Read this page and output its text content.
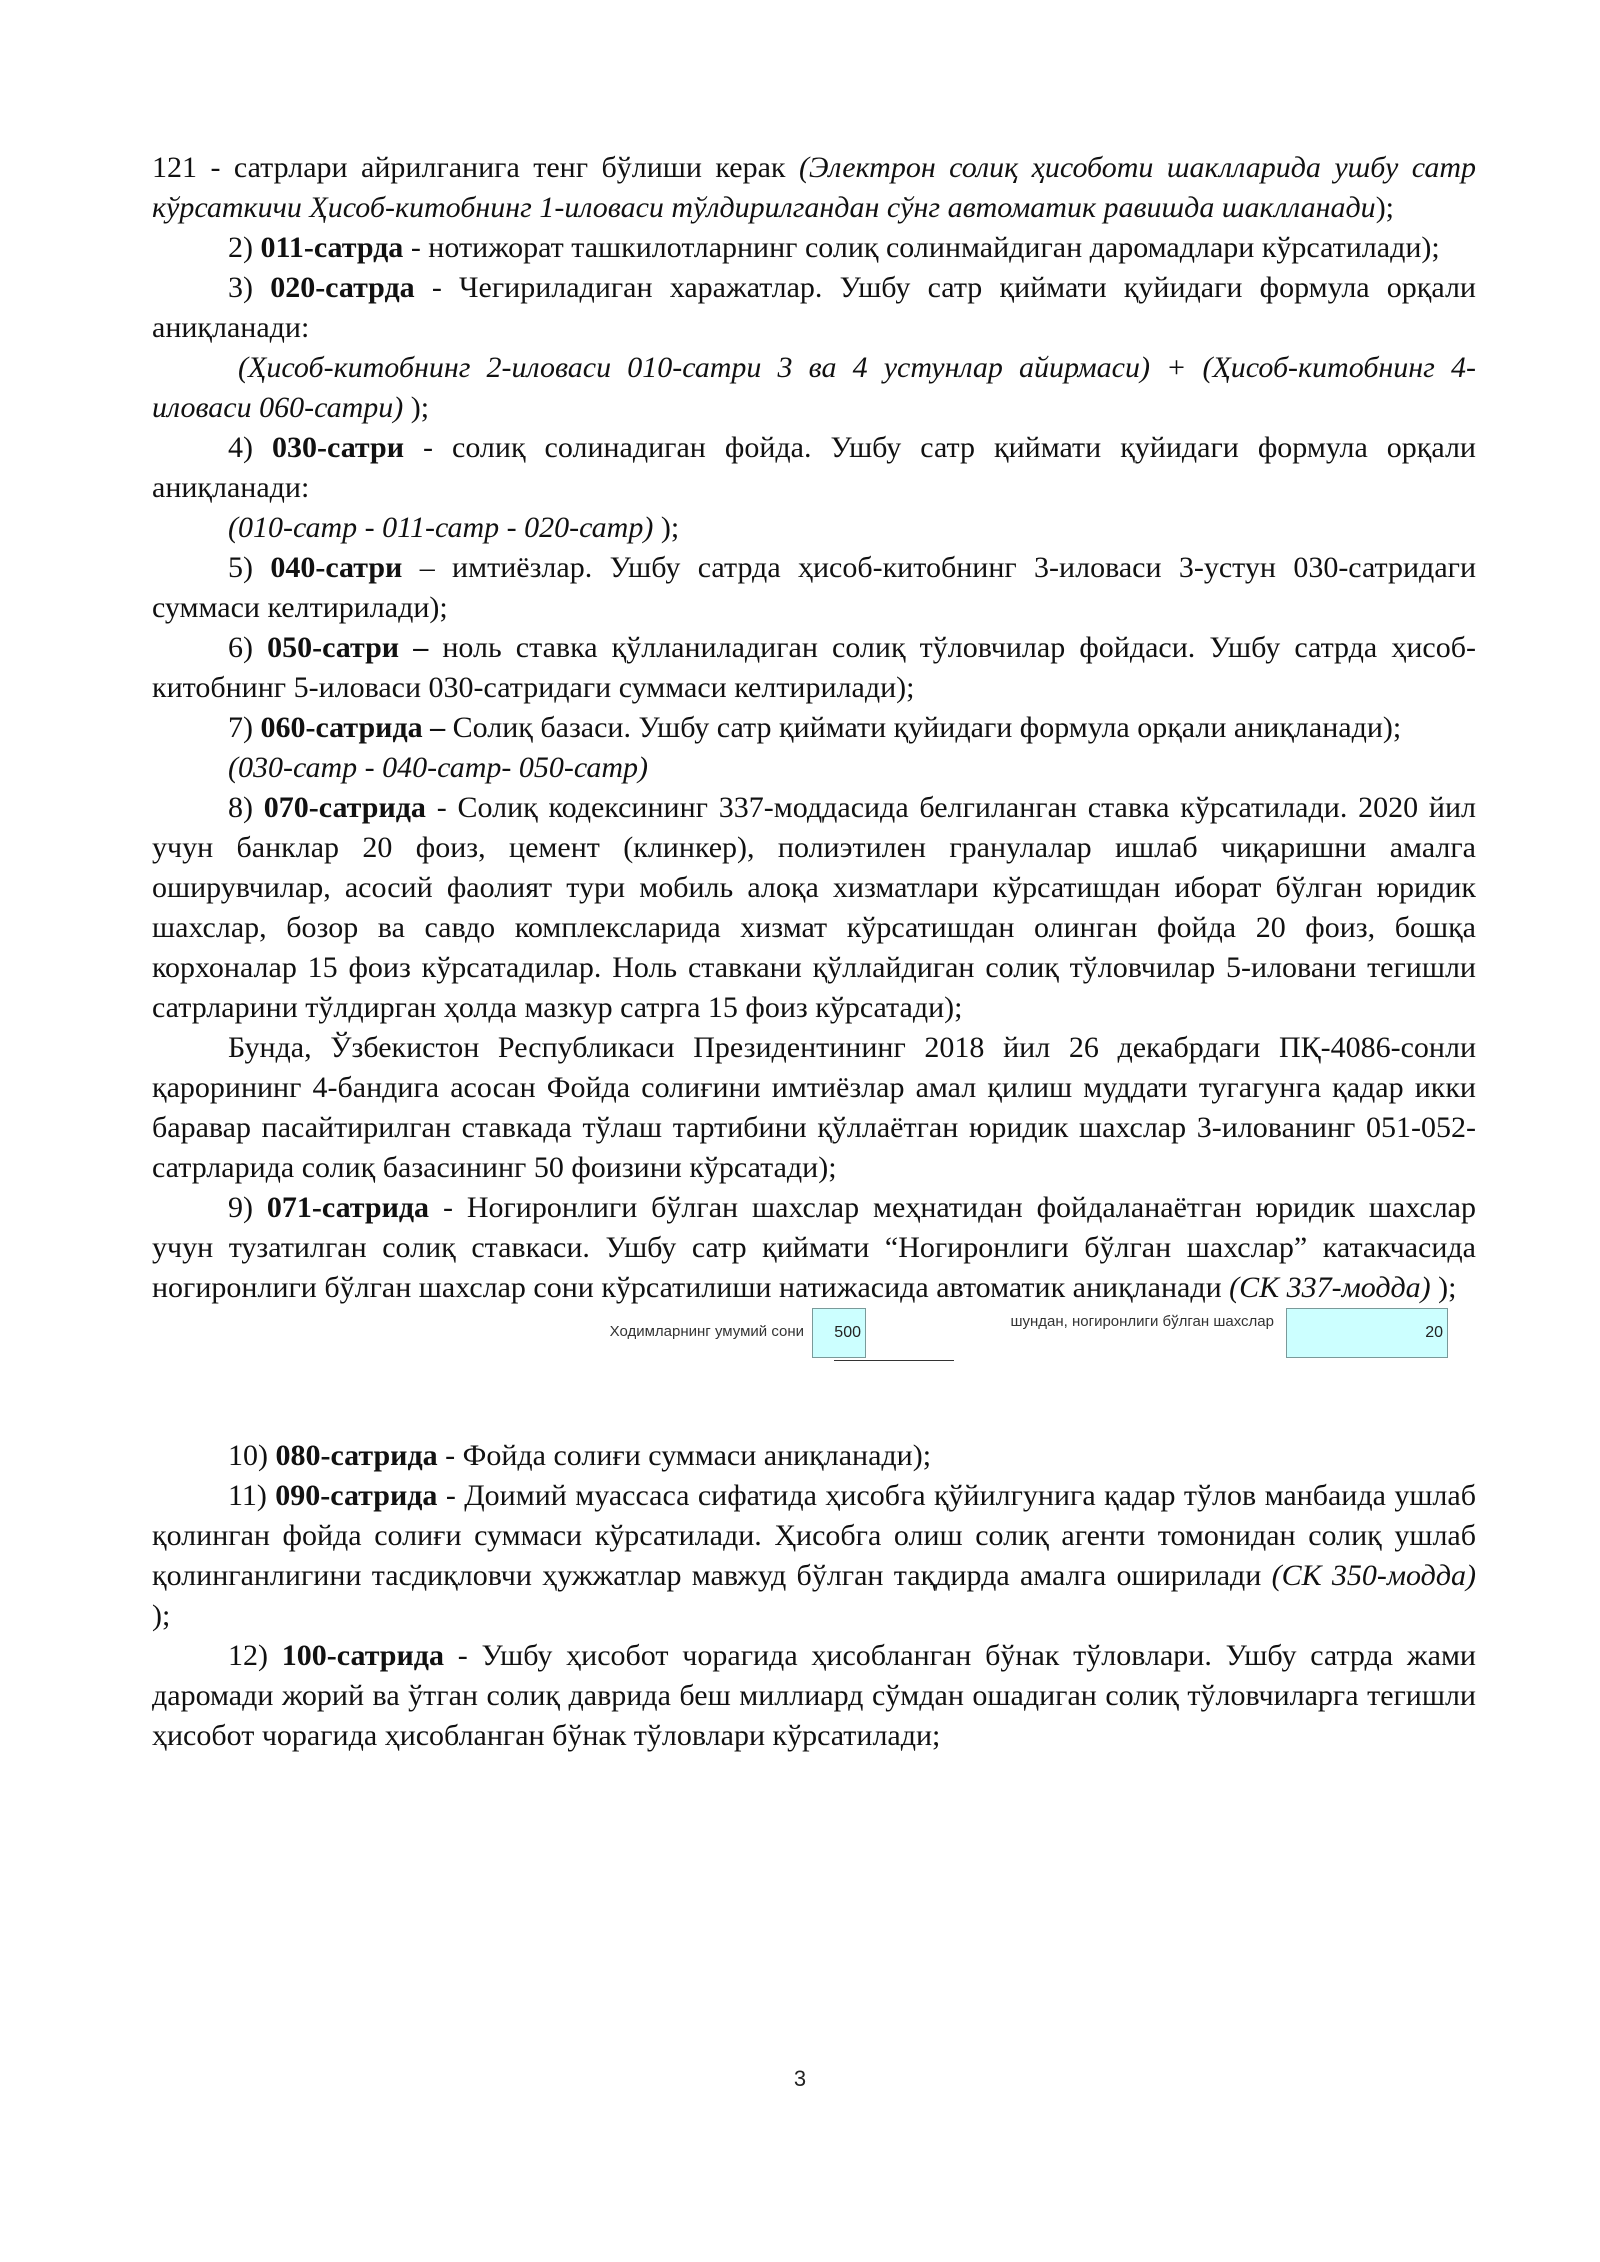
121 - сатрлари айрилганига тенг бўлиши керак (Электрон солиқ ҳисоботи шаклларида ушбу сатр кўрсаткичи Ҳисоб-китобнинг 1-иловаси тўлдирилгандан сўнг автоматик равишда шаклланади);

2) 011-сатрда - нотижорат ташкилотларнинг солиқ солинмайдиган даромадлари кўрсатилади);

3) 020-сатрда - Чегириладиган харажатлар. Ушбу сатр қиймати қуйидаги формула орқали аниқланади:

(Ҳисоб-китобнинг 2-иловаси 010-сатри 3 ва 4 устунлар айирмаси) + (Ҳисоб-китобнинг 4-иловаси 060-сатри) );

4) 030-сатри - солиқ солинадиган фойда. Ушбу сатр қиймати қуйидаги формула орқали аниқланади:

(010-сатр - 011-сатр - 020-сатр) );

5) 040-сатри – имтиёзлар. Ушбу сатрда ҳисоб-китобнинг 3-иловаси 3-устун 030-сатридаги суммаси келтирилади);

6) 050-сатри – ноль ставка қўлланиладиган солиқ тўловчилар фойдаси. Ушбу сатрда ҳисоб-китобнинг 5-иловаси 030-сатридаги суммаси келтирилади);

7) 060-сатрида – Солиқ базаси. Ушбу сатр қиймати қуйидаги формула орқали аниқланади);

(030-сатр - 040-сатр- 050-сатр)

8) 070-сатрида - Солиқ кодексининг 337-моддасида белгиланган ставка кўрсатилади. 2020 йил учун банклар 20 фоиз, цемент (клинкер), полиэтилен гранулалар ишлаб чиқаришни амалга оширувчилар, асосий фаолият тури мобиль алоқа хизматлари кўрсатишдан иборат бўлган юридик шахслар, бозор ва савдо комплексларида хизмат кўрсатишдан олинган фойда 20 фоиз, бошқа корхоналар 15 фоиз кўрсатадилар. Ноль ставкани қўллайдиган солиқ тўловчилар 5-иловани тегишли сатрларини тўлдирган ҳолда мазкур сатрга 15 фоиз кўрсатади);

Бунда, Ўзбекистон Республикаси Президентининг 2018 йил 26 декабрдаги ПҚ-4086-сонли қарорининг 4-бандига асосан Фойда солиғини имтиёзлар амал қилиш муддати тугагунга қадар икки баравар пасайтирилган ставкада тўлаш тартибини қўллаётган юридик шахслар 3-илованинг 051-052-сатрларида солиқ базасининг 50 фоизини кўрсатади);

9) 071-сатрида - Ногиронлиги бўлган шахслар меҳнатидан фойдаланаётган юридик шахслар учун тузатилган солиқ ставкаси. Ушбу сатр қиймати “Ногиронлиги бўлган шахслар” катакчасида ногиронлиги бўлган шахслар сони кўрсатилиши натижасида автоматик аниқланади (СК 337-модда) );

Ходимларнинг умумий сони	500
шундан, ногиронлиги бўлган шахслар
20

10) 080-сатрида - Фойда солиғи суммаси аниқланади);

11) 090-сатрида - Доимий муассаса сифатида ҳисобга қўйилгунига қадар тўлов манбаида ушлаб қолинган фойда солиғи суммаси кўрсатилади. Ҳисобга олиш солиқ агенти томонидан солиқ ушлаб қолинганлигини тасдиқловчи ҳужжатлар мавжуд бўлган тақдирда амалга оширилади (СК 350-модда) );

12) 100-сатрида - Ушбу ҳисобот чорагида ҳисобланган бўнак тўловлари. Ушбу сатрда жами даромади жорий ва ўтган солиқ даврида беш миллиард сўмдан ошадиган солиқ тўловчиларга тегишли ҳисобот чорагида ҳисобланган бўнак тўловлари кўрсатилади;

3
